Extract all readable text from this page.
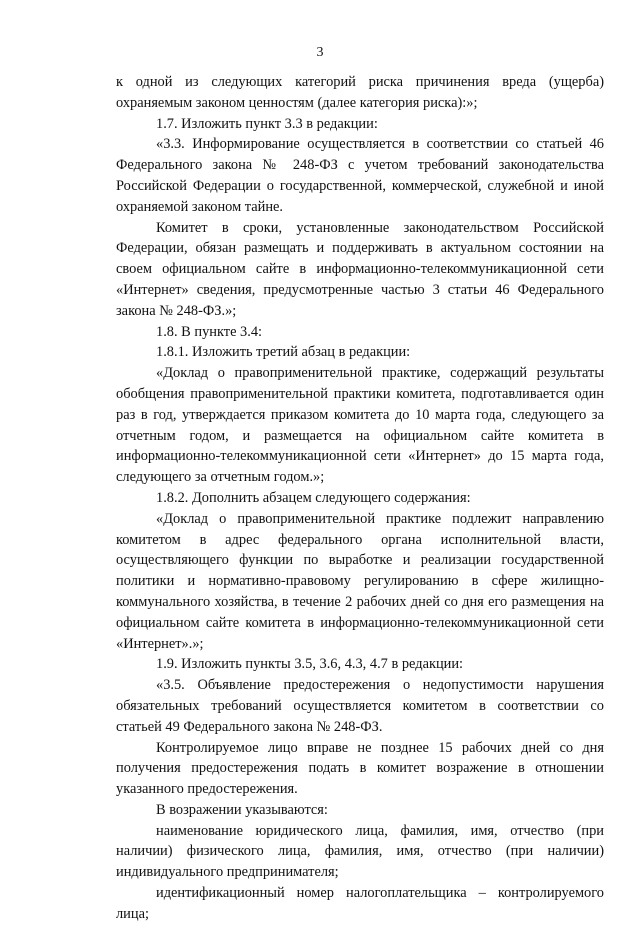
3

к одной из следующих категорий риска причинения вреда (ущерба) охраняемым законом ценностям (далее категория риска):»;

1.7. Изложить пункт 3.3 в редакции:

«3.3. Информирование осуществляется в соответствии со статьей 46 Федерального закона № 248-ФЗ с учетом требований законодательства Российской Федерации о государственной, коммерческой, служебной и иной охраняемой законом тайне.

Комитет в сроки, установленные законодательством Российской Федерации, обязан размещать и поддерживать в актуальном состоянии на своем официальном сайте в информационно-телекоммуникационной сети «Интернет» сведения, предусмотренные частью 3 статьи 46 Федерального закона № 248-ФЗ.»;

1.8. В пункте 3.4:

1.8.1. Изложить третий абзац в редакции:

«Доклад о правоприменительной практике, содержащий результаты обобщения правоприменительной практики комитета, подготавливается один раз в год, утверждается приказом комитета до 10 марта года, следующего за отчетным годом, и размещается на официальном сайте комитета в информационно-телекоммуникационной сети «Интернет» до 15 марта года, следующего за отчетным годом.»;

1.8.2. Дополнить абзацем следующего содержания:

«Доклад о правоприменительной практике подлежит направлению комитетом в адрес федерального органа исполнительной власти, осуществляющего функции по выработке и реализации государственной политики и нормативно-правовому регулированию в сфере жилищно-коммунального хозяйства, в течение 2 рабочих дней со дня его размещения на официальном сайте комитета в информационно-телекоммуникационной сети «Интернет».»;

1.9. Изложить пункты 3.5, 3.6, 4.3, 4.7 в редакции:

«3.5. Объявление предостережения о недопустимости нарушения обязательных требований осуществляется комитетом в соответствии со статьей 49 Федерального закона № 248-ФЗ.

Контролируемое лицо вправе не позднее 15 рабочих дней со дня получения предостережения подать в комитет возражение в отношении указанного предостережения.

В возражении указываются:

наименование юридического лица, фамилия, имя, отчество (при наличии) физического лица, фамилия, имя, отчество (при наличии) индивидуального предпринимателя;

идентификационный номер налогоплательщика – контролируемого лица;
